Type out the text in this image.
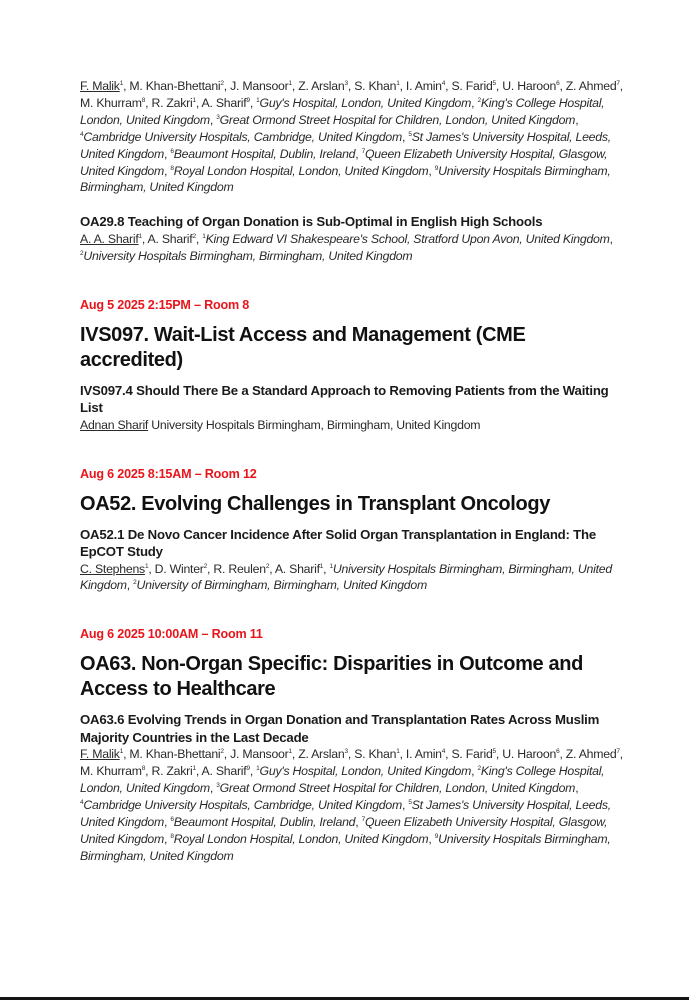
F. Malik$^1$, M. Khan-Bhettani$^2$, J. Mansoor$^1$, Z. Arslan$^3$, S. Khan$^1$, I. Amin$^4$, S. Farid$^5$, U. Haroon$^6$, Z. Ahmed$^7$, M. Khurram$^8$, R. Zakri$^1$, A. Sharif$^9$, $^1$Guy's Hospital, London, United Kingdom, $^2$King's College Hospital, London, United Kingdom, $^3$Great Ormond Street Hospital for Children, London, United Kingdom, $^4$Cambridge University Hospitals, Cambridge, United Kingdom, $^5$St James's University Hospital, Leeds, United Kingdom, $^6$Beaumont Hospital, Dublin, Ireland, $^7$Queen Elizabeth University Hospital, Glasgow, United Kingdom, $^8$Royal London Hospital, London, United Kingdom, $^9$University Hospitals Birmingham, Birmingham, United Kingdom

OA29.8 Teaching of Organ Donation is Sub-Optimal in English High Schools

A. A. Sharif$^1$, A. Sharif$^2$, $^1$King Edward VI Shakespeare's School, Stratford Upon Avon, United Kingdom, $^2$University Hospitals Birmingham, Birmingham, United Kingdom

Aug 5 2025 2:15PM – Room 8

IVS097. Wait-List Access and Management (CME accredited)

IVS097.4 Should There Be a Standard Approach to Removing Patients from the Waiting List

Adnan Sharif University Hospitals Birmingham, Birmingham, United Kingdom

Aug 6 2025 8:15AM – Room 12

OA52. Evolving Challenges in Transplant Oncology

OA52.1 De Novo Cancer Incidence After Solid Organ Transplantation in England: The EpCOT Study

C. Stephens$^1$, D. Winter$^2$, R. Reulen$^2$, A. Sharif$^1$, $^1$University Hospitals Birmingham, Birmingham, United Kingdom, $^2$University of Birmingham, Birmingham, United Kingdom

Aug 6 2025 10:00AM – Room 11

OA63. Non-Organ Specific: Disparities in Outcome and Access to Healthcare

OA63.6 Evolving Trends in Organ Donation and Transplantation Rates Across Muslim Majority Countries in the Last Decade

F. Malik$^1$, M. Khan-Bhettani$^2$, J. Mansoor$^1$, Z. Arslan$^3$, S. Khan$^1$, I. Amin$^4$, S. Farid$^5$, U. Haroon$^6$, Z. Ahmed$^7$, M. Khurram$^8$, R. Zakri$^1$, A. Sharif$^9$, $^1$Guy's Hospital, London, United Kingdom, $^2$King's College Hospital, London, United Kingdom, $^3$Great Ormond Street Hospital for Children, London, United Kingdom, $^4$Cambridge University Hospitals, Cambridge, United Kingdom, $^5$St James's University Hospital, Leeds, United Kingdom, $^6$Beaumont Hospital, Dublin, Ireland, $^7$Queen Elizabeth University Hospital, Glasgow, United Kingdom, $^8$Royal London Hospital, London, United Kingdom, $^9$University Hospitals Birmingham, Birmingham, United Kingdom
